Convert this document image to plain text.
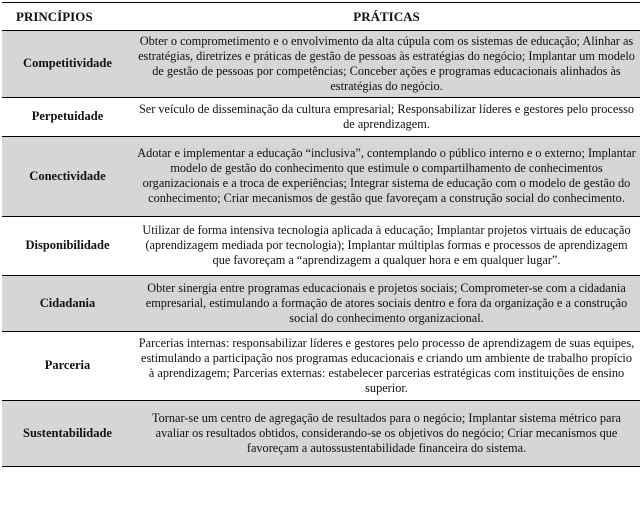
PRINCÍPIOS	PRÁTICAS
Competitividade	Obter o comprometimento e o envolvimento da alta cúpula com os sistemas de educação; Alinhar as estratégias, diretrizes e práticas de gestão de pessoas às estratégias do negócio; Implantar um modelo de gestão de pessoas por competências; Conceber ações e programas educacionais alinhados às estratégias do negócio.
Perpetuidade	Ser veículo de disseminação da cultura empresarial; Responsabilizar líderes e gestores pelo processo de aprendizagem.
Conectividade	Adotar e implementar a educação “inclusiva”, contemplando o público interno e o externo; Implantar modelo de gestão do conhecimento que estimule o compartilhamento de conhecimentos organizacionais e a troca de experiências; Integrar sistema de educação com o modelo de gestão do conhecimento; Criar mecanismos de gestão que favoreçam a construção social do conhecimento.
Disponibilidade	Utilizar de forma intensiva tecnologia aplicada à educação; Implantar projetos virtuais de educação (aprendizagem mediada por tecnologia); Implantar múltiplas formas e processos de aprendizagem que favoreçam a “aprendizagem a qualquer hora e em qualquer lugar”.
Cidadania	Obter sinergia entre programas educacionais e projetos sociais; Comprometer-se com a cidadania empresarial, estimulando a formação de atores sociais dentro e fora da organização e a construção social do conhecimento organizacional.
Parceria	Parcerias internas: responsabilizar líderes e gestores pelo processo de aprendizagem de suas equipes, estimulando a participação nos programas educacionais e criando um ambiente de trabalho propício à aprendizagem; Parcerias externas: estabelecer parcerias estratégicas com instituições de ensino superior.
Sustentabilidade	Tornar-se um centro de agregação de resultados para o negócio; Implantar sistema métrico para avaliar os resultados obtidos, considerando-se os objetivos do negócio; Criar mecanismos que favoreçam a autossustentabilidade financeira do sistema.
